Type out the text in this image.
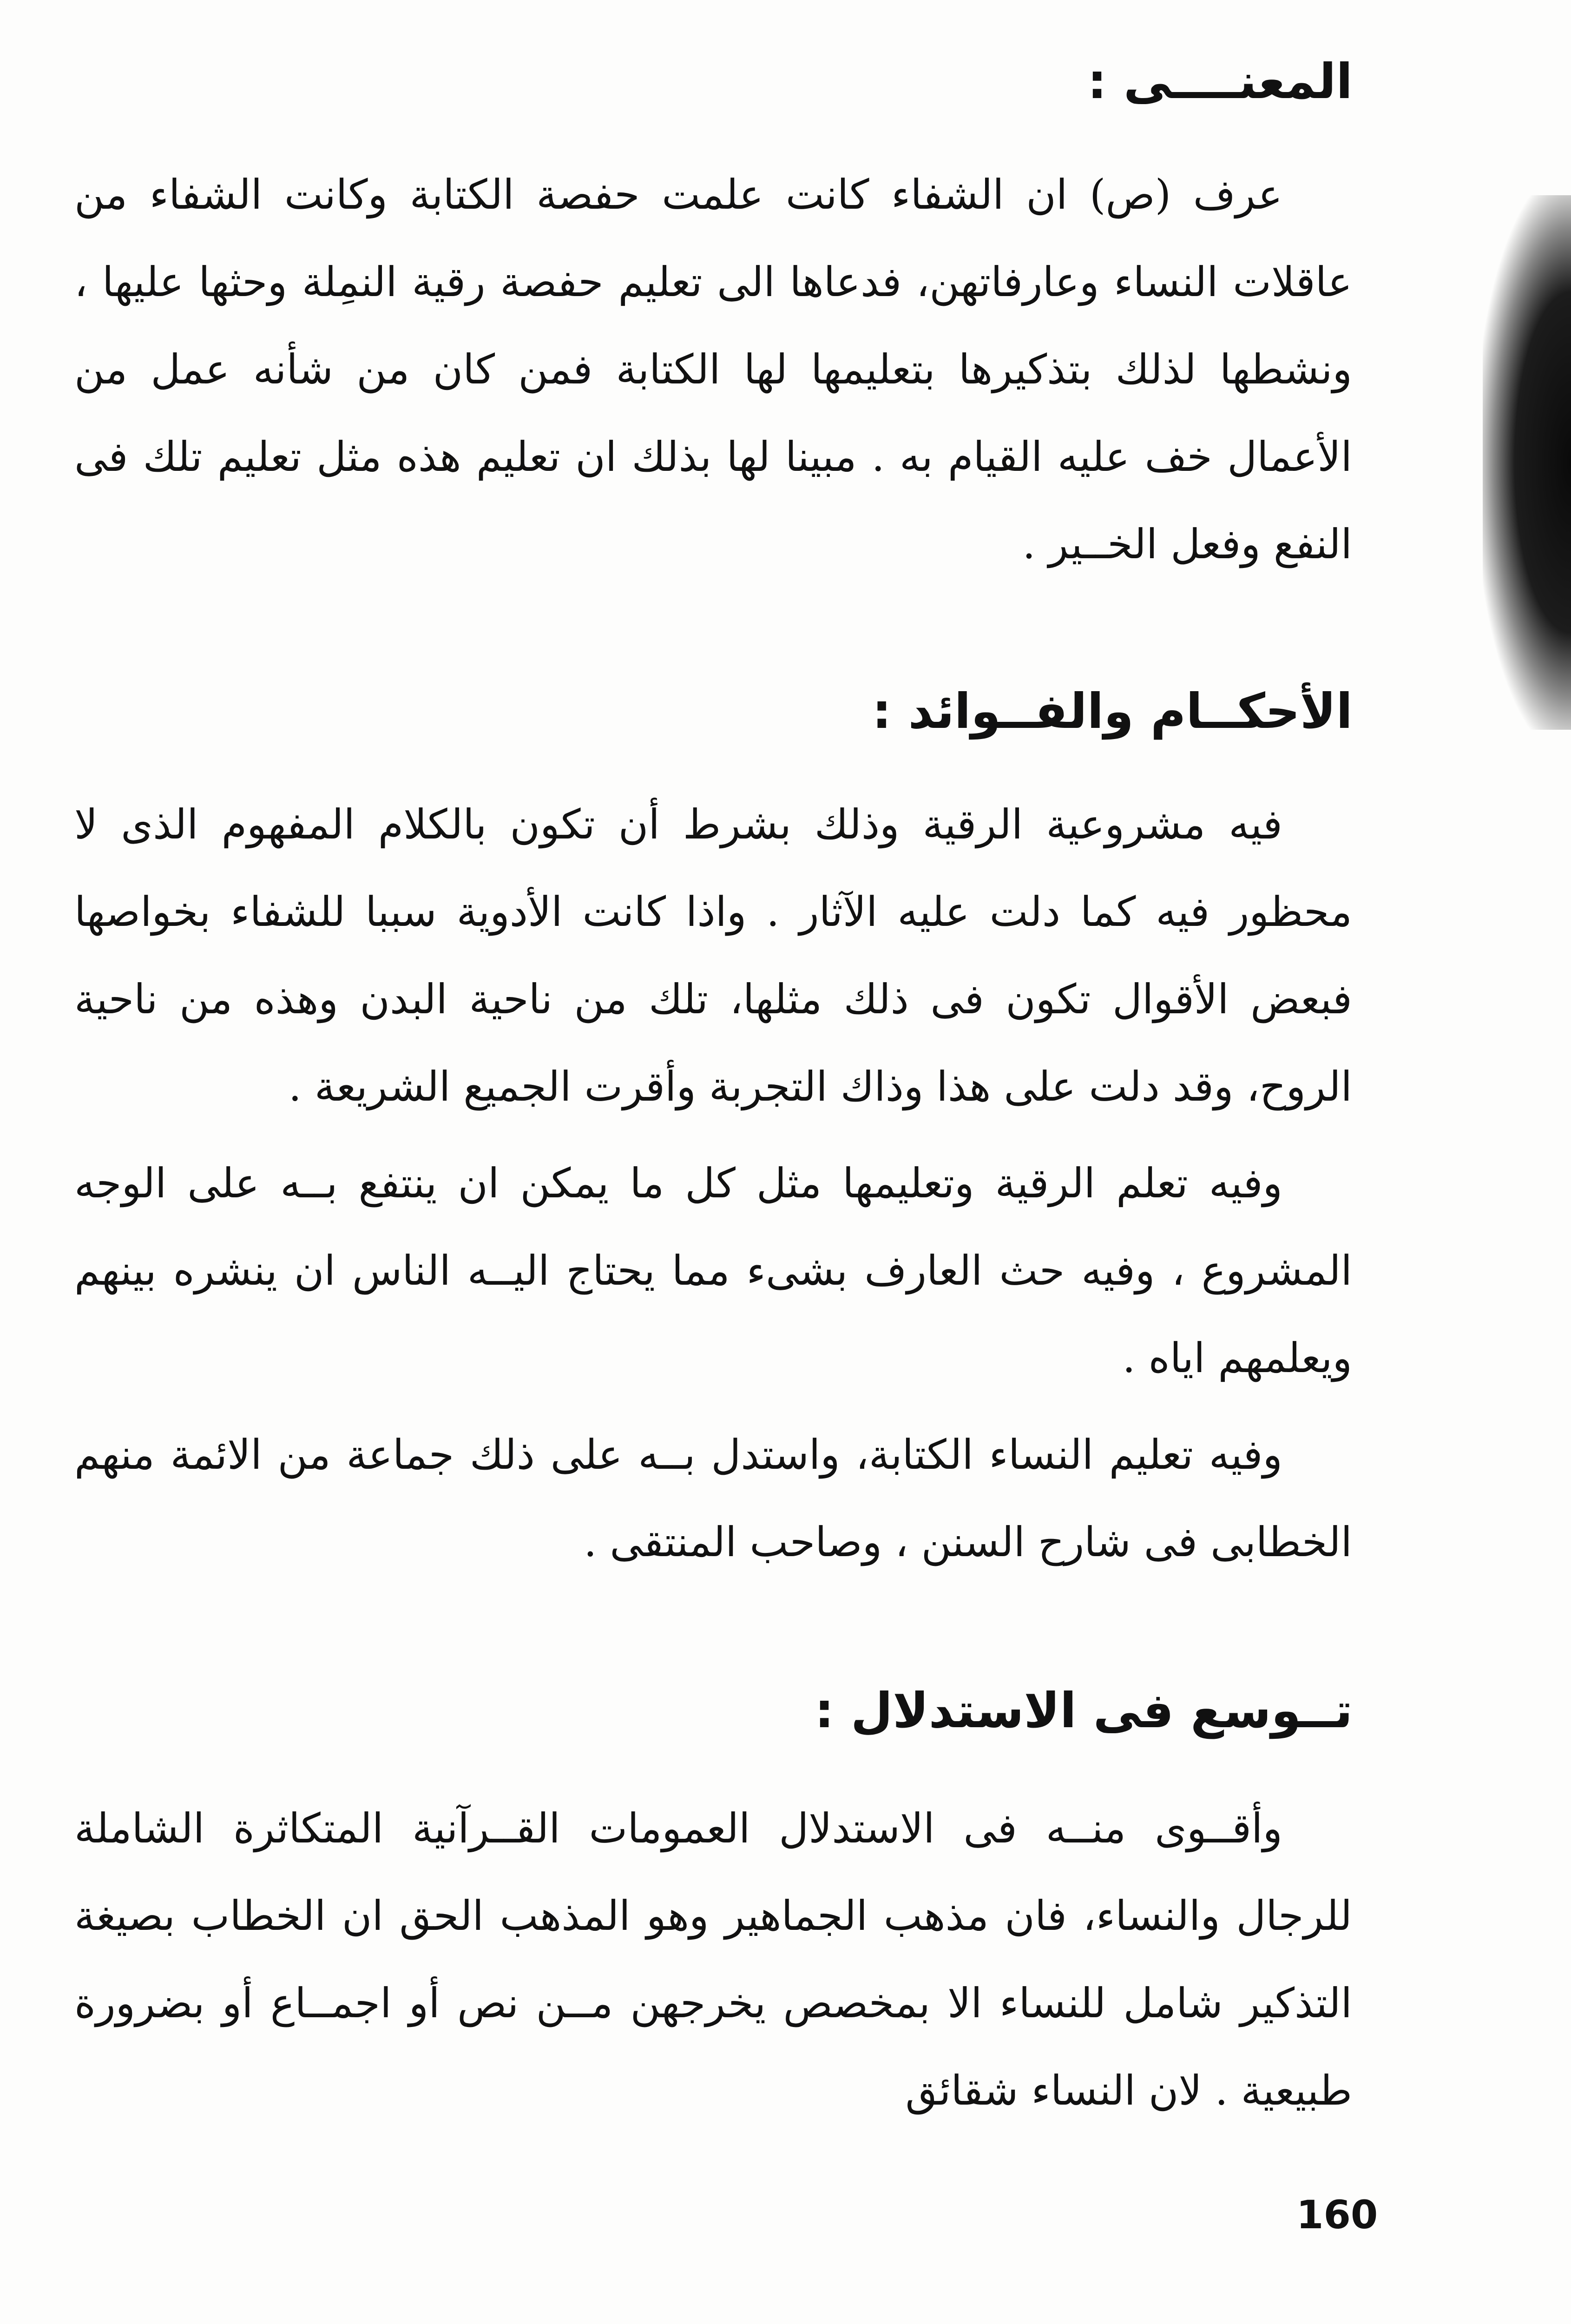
المعنــــى :

عرف (ص) ان الشفاء كانت علمت حفصة الكتابة وكانت الشفاء من عاقلات النساء وعارفاتهن، فدعاها الى تعليم حفصة رقية النمِلة وحثها عليها ، ونشطها لذلك بتذكيرها بتعليمها لها الكتابة فمن كان من شأنه عمل من الأعمال خف عليه القيام به . مبينا لها بذلك ان تعليم هذه مثل تعليم تلك فى النفع وفعل الخــير .

الأحكــام والفــوائد :

فيه مشروعية الرقية وذلك بشرط أن تكون بالكلام المفهوم الذى لا محظور فيه كما دلت عليه الآثار . واذا كانت الأدوية سببا للشفاء بخواصها فبعض الأقوال تكون فى ذلك مثلها، تلك من ناحية البدن وهذه من ناحية الروح، وقد دلت على هذا وذاك التجربة وأقرت الجميع الشريعة .

وفيه تعلم الرقية وتعليمها مثل كل ما يمكن ان ينتفع بــه على الوجه المشروع ، وفيه حث العارف بشىء مما يحتاج اليــه الناس ان ينشره بينهم ويعلمهم اياه .

وفيه تعليم النساء الكتابة، واستدل بــه على ذلك جماعة من الائمة منهم الخطابى فى شارح السنن ، وصاحب المنتقى .

تــوسع فى الاستدلال :

وأقــوى منــه فى الاستدلال العمومات القــرآنية المتكاثرة الشاملة للرجال والنساء، فان مذهب الجماهير وهو المذهب الحق ان الخطاب بصيغة التذكير شامل للنساء الا بمخصص يخرجهن مــن نص أو اجمــاع أو بضرورة طبيعية . لان النساء شقائق

160
